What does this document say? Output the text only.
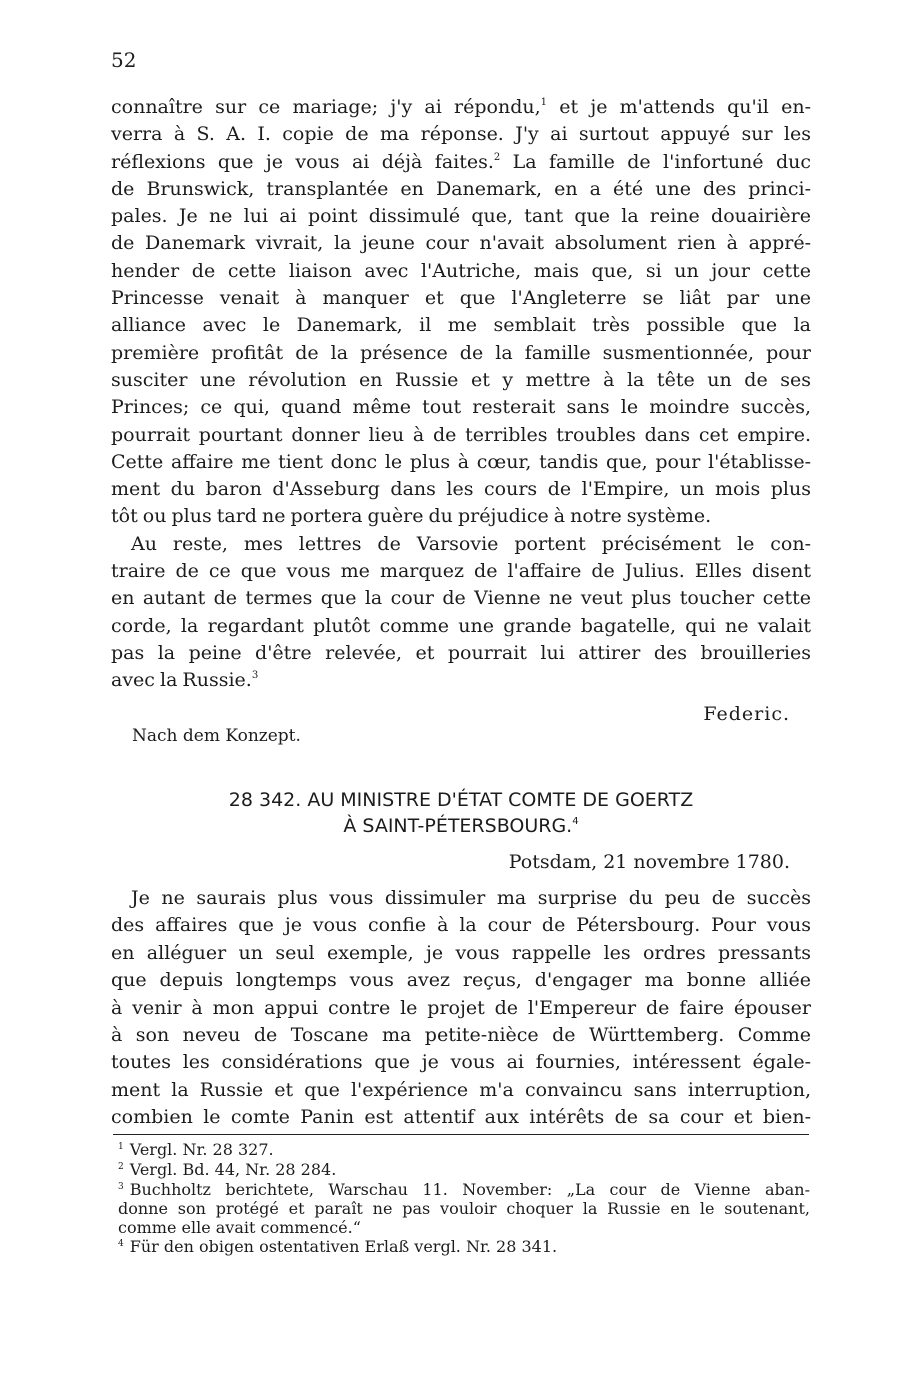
52
connaître sur ce mariage; j'y ai répondu,$^1$ et je m'attends qu'il en-
verra à S. A. I. copie de ma réponse. J'y ai surtout appuyé sur les
réflexions que je vous ai déjà faites.$^2$ La famille de l'infortuné duc
de Brunswick, transplantée en Danemark, en a été une des princi-
pales. Je ne lui ai point dissimulé que, tant que la reine douairière
de Danemark vivrait, la jeune cour n'avait absolument rien à appré-
hender de cette liaison avec l'Autriche, mais que, si un jour cette
Princesse venait à manquer et que l'Angleterre se liât par une
alliance avec le Danemark, il me semblait très possible que la
première profitât de la présence de la famille susmentionnée, pour
susciter une révolution en Russie et y mettre à la tête un de ses
Princes; ce qui, quand même tout resterait sans le moindre succès,
pourrait pourtant donner lieu à de terribles troubles dans cet empire.
Cette affaire me tient donc le plus à cœur, tandis que, pour l'établisse-
ment du baron d'Asseburg dans les cours de l'Empire, un mois plus
tôt ou plus tard ne portera guère du préjudice à notre système.
Au reste, mes lettres de Varsovie portent précisément le con-
traire de ce que vous me marquez de l'affaire de Julius. Elles disent
en autant de termes que la cour de Vienne ne veut plus toucher cette
corde, la regardant plutôt comme une grande bagatelle, qui ne valait
pas la peine d'être relevée, et pourrait lui attirer des brouilleries
avec la Russie.$^3$
Federic.
Nach dem Konzept.
28 342. AU MINISTRE D'ÉTAT COMTE DE GOERTZ
À SAINT-PÉTERSBOURG.$^4$
Potsdam, 21 novembre 1780.
Je ne saurais plus vous dissimuler ma surprise du peu de succès
des affaires que je vous confie à la cour de Pétersbourg. Pour vous
en alléguer un seul exemple, je vous rappelle les ordres pressants
que depuis longtemps vous avez reçus, d'engager ma bonne alliée
à venir à mon appui contre le projet de l'Empereur de faire épouser
à son neveu de Toscane ma petite-nièce de Württemberg. Comme
toutes les considérations que je vous ai fournies, intéressent égale-
ment la Russie et que l'expérience m'a convaincu sans interruption,
combien le comte Panin est attentif aux intérêts de sa cour et bien-
$^1$ Vergl. Nr. 28 327.
$^2$ Vergl. Bd. 44, Nr. 28 284.
$^3$ Buchholtz berichtete, Warschau 11. November: „La cour de Vienne aban-
donne son protégé et paraît ne pas vouloir choquer la Russie en le soutenant,
comme elle avait commencé.“
$^4$ Für den obigen ostentativen Erlaß vergl. Nr. 28 341.
